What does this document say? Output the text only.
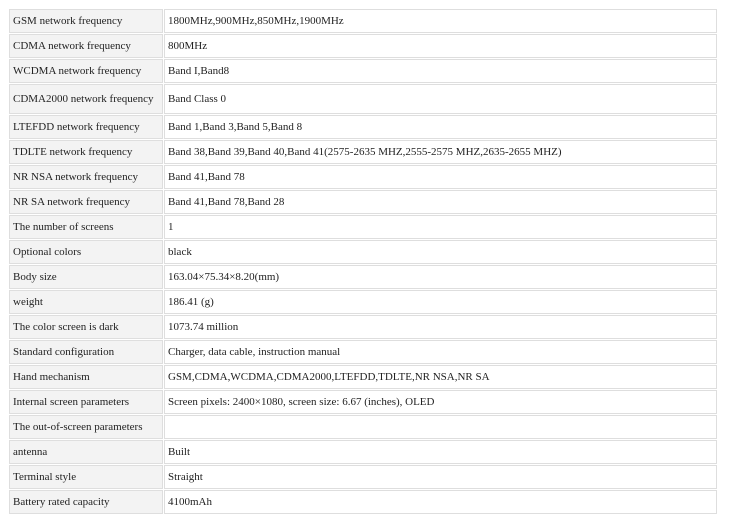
GSM network frequency	1800MHz,900MHz,850MHz,1900MHz
CDMA network frequency	800MHz
WCDMA network frequency	Band I,Band8
CDMA2000 network frequency	Band Class 0
LTEFDD network frequency	Band 1,Band 3,Band 5,Band 8
TDLTE network frequency	Band 38,Band 39,Band 40,Band 41(2575-2635 MHZ,2555-2575 MHZ,2635-2655 MHZ)
NR NSA network frequency	Band 41,Band 78
NR SA network frequency	Band 41,Band 78,Band 28
The number of screens	1
Optional colors	black
Body size	163.04×75.34×8.20(mm)
weight	186.41 (g)
The color screen is dark	1073.74 million
Standard configuration	Charger, data cable, instruction manual
Hand mechanism	GSM,CDMA,WCDMA,CDMA2000,LTEFDD,TDLTE,NR NSA,NR SA
Internal screen parameters	Screen pixels: 2400×1080, screen size: 6.67 (inches), OLED
The out-of-screen parameters	
antenna	Built
Terminal style	Straight
Battery rated capacity	4100mAh
